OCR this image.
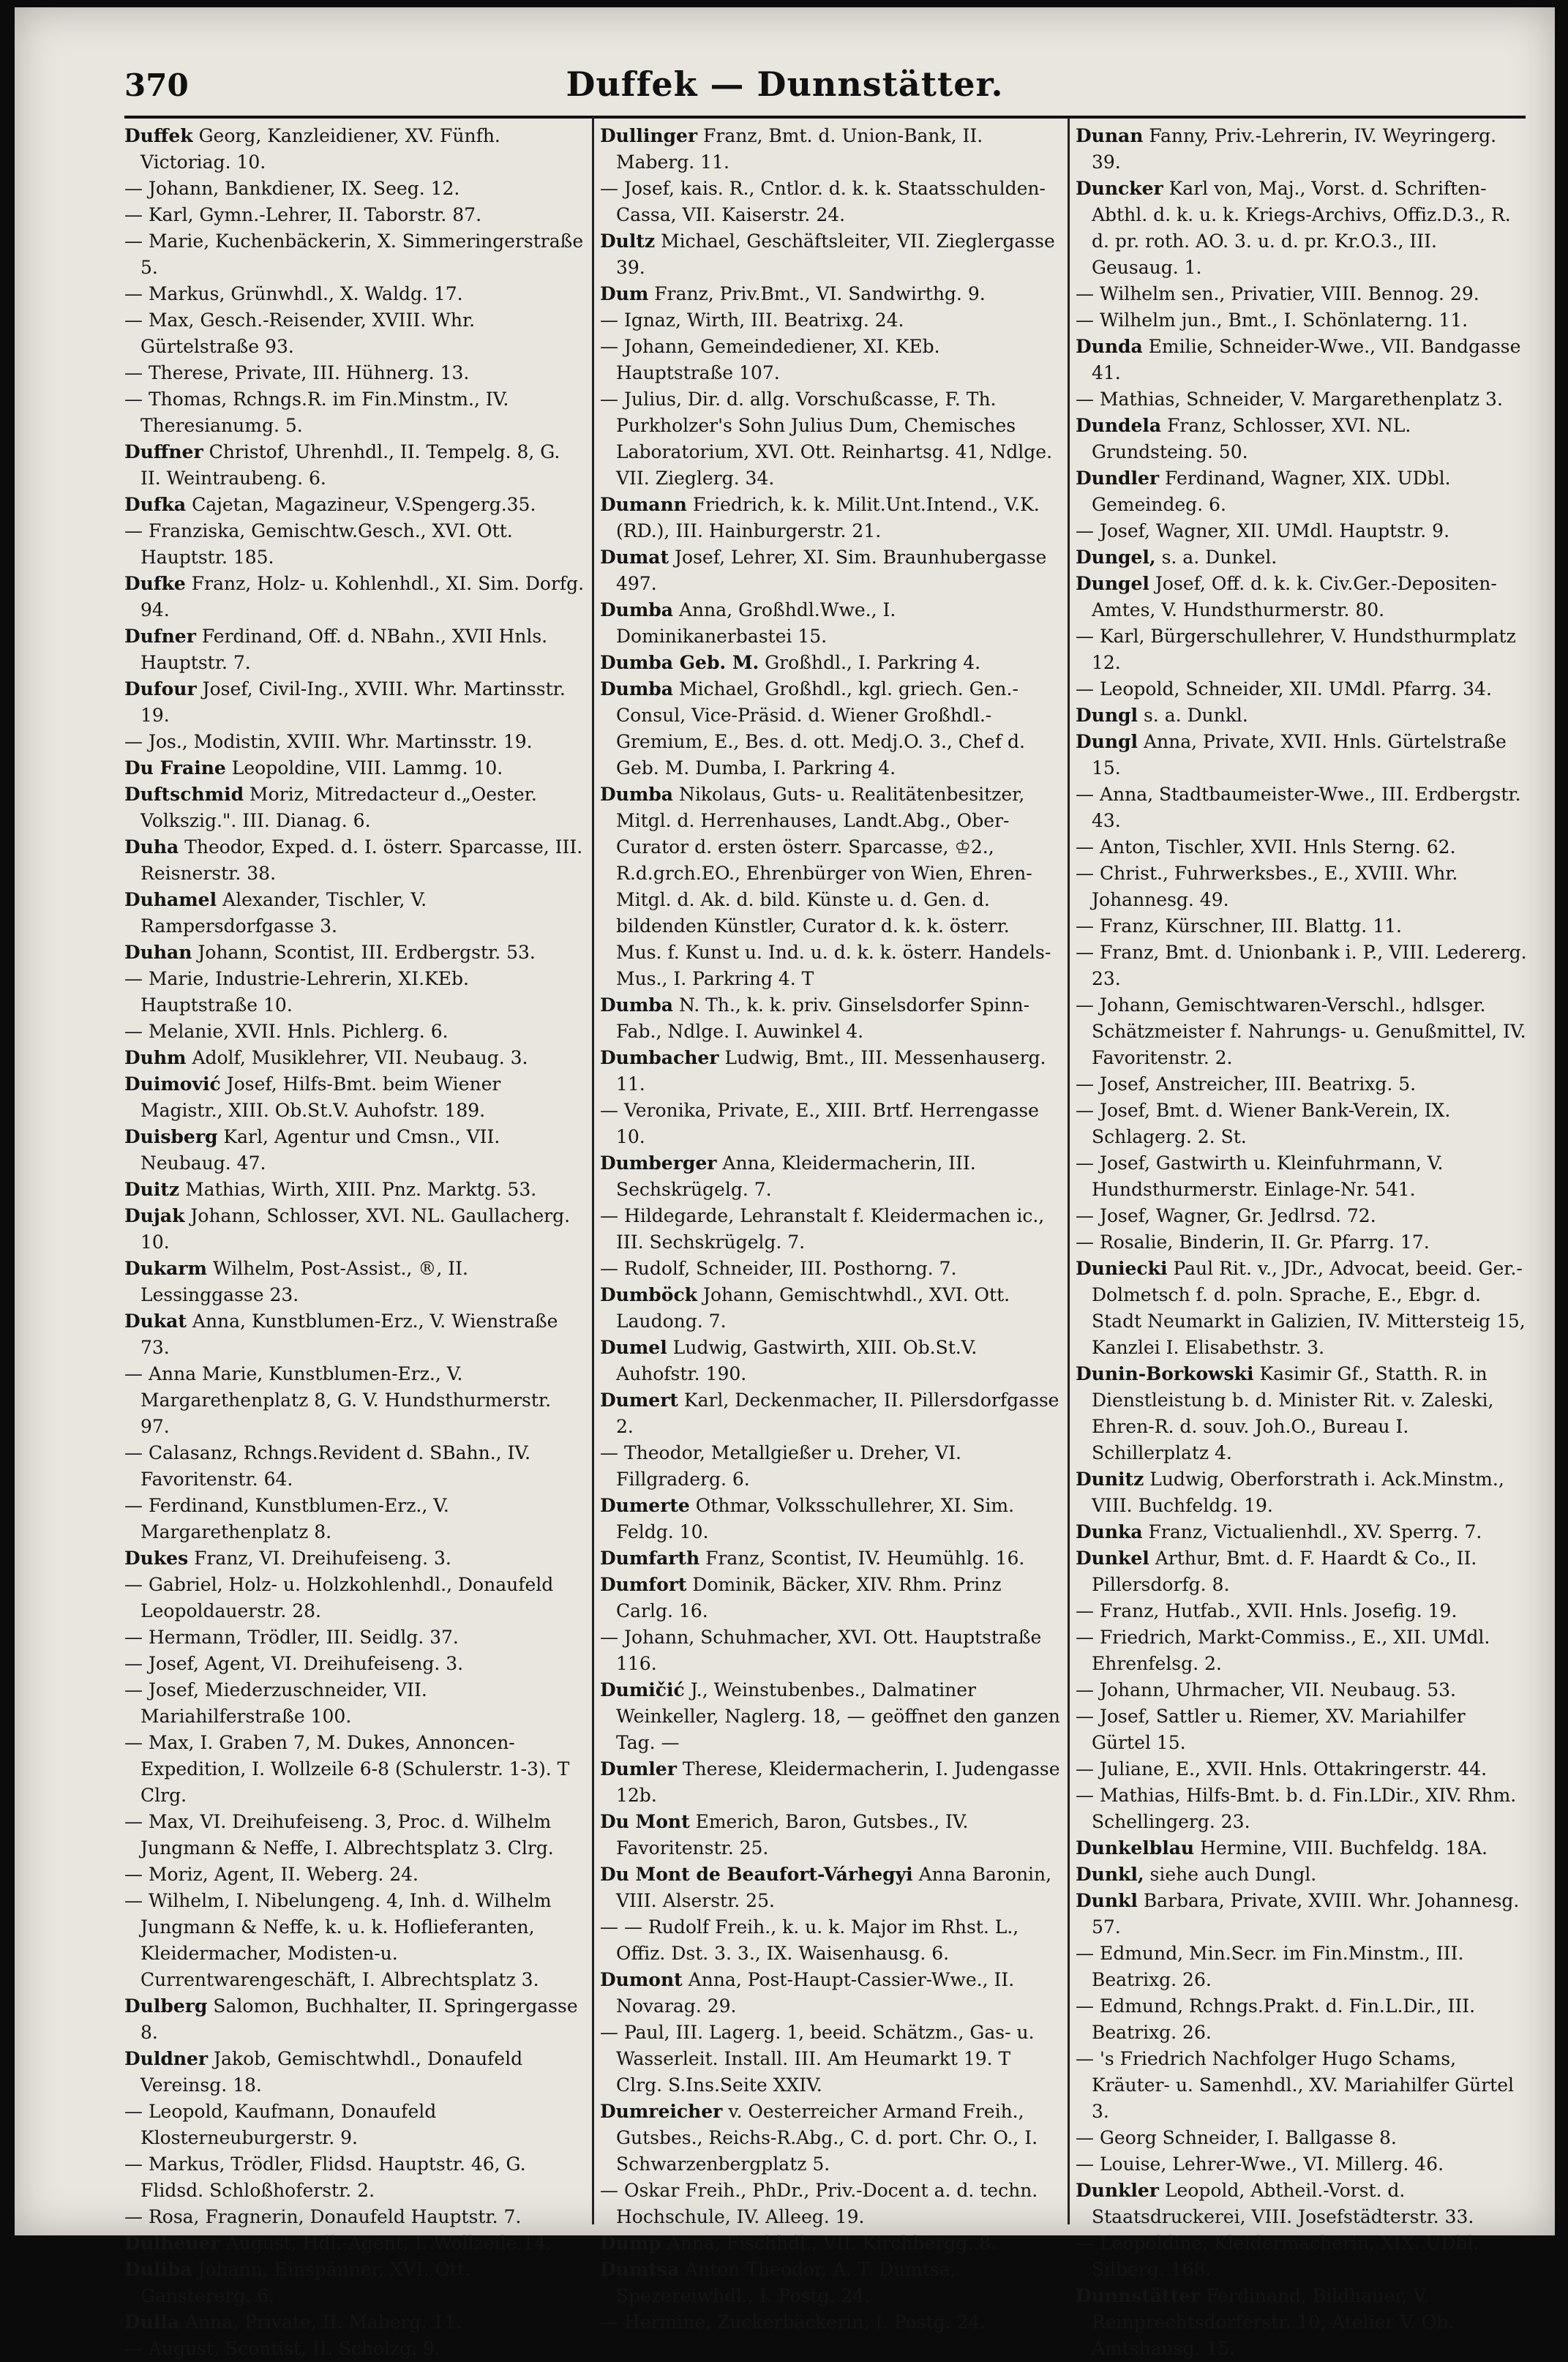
370	Duffek — Dunnstätter.

Duffek Georg, Kanzleidiener, XV. Fünfh. Victoriag. 10.

— Johann, Bankdiener, IX. Seeg. 12.

— Karl, Gymn.-Lehrer, II. Taborstr. 87.

— Marie, Kuchenbäckerin, X. Simmeringerstraße 5.

— Markus, Grünwhdl., X. Waldg. 17.

— Max, Gesch.-Reisender, XVIII. Whr. Gürtelstraße 93.

— Therese, Private, III. Hühnerg. 13.

— Thomas, Rchngs.R. im Fin.Minstm., IV. Theresianumg. 5.

Duffner Christof, Uhrenhdl., II. Tempelg. 8, G. II. Weintraubeng. 6.

Dufka Cajetan, Magazineur, V.Spengerg.35.

— Franziska, Gemischtw.Gesch., XVI. Ott. Hauptstr. 185.

Dufke Franz, Holz- u. Kohlenhdl., XI. Sim. Dorfg. 94.

Dufner Ferdinand, Off. d. NBahn., XVII Hnls. Hauptstr. 7.

Dufour Josef, Civil-Ing., XVIII. Whr. Martinsstr. 19.

— Jos., Modistin, XVIII. Whr. Martinsstr. 19.

Du Fraine Leopoldine, VIII. Lammg. 10.

Duftschmid Moriz, Mitredacteur d.„Oester. Volkszig.". III. Dianag. 6.

Duha Theodor, Exped. d. I. österr. Sparcasse, III. Reisnerstr. 38.

Duhamel Alexander, Tischler, V. Rampersdorfgasse 3.

Duhan Johann, Scontist, III. Erdbergstr. 53.

— Marie, Industrie-Lehrerin, XI.KEb. Hauptstraße 10.

— Melanie, XVII. Hnls. Pichlerg. 6.

Duhm Adolf, Musiklehrer, VII. Neubaug. 3.

Duimović Josef, Hilfs-Bmt. beim Wiener Magistr., XIII. Ob.St.V. Auhofstr. 189.

Duisberg Karl, Agentur und Cmsn., VII. Neubaug. 47.

Duitz Mathias, Wirth, XIII. Pnz. Marktg. 53.

Dujak Johann, Schlosser, XVI. NL. Gaullacherg. 10.

Dukarm Wilhelm, Post-Assist., ®, II. Lessinggasse 23.

Dukat Anna, Kunstblumen-Erz., V. Wienstraße 73.

— Anna Marie, Kunstblumen-Erz., V. Margarethenplatz 8, G. V. Hundsthurmerstr. 97.

— Calasanz, Rchngs.Revident d. SBahn., IV. Favoritenstr. 64.

— Ferdinand, Kunstblumen-Erz., V. Margarethenplatz 8.

Dukes Franz, VI. Dreihufeiseng. 3.

— Gabriel, Holz- u. Holzkohlenhdl., Donaufeld Leopoldauerstr. 28.

— Hermann, Trödler, III. Seidlg. 37.

— Josef, Agent, VI. Dreihufeiseng. 3.

— Josef, Miederzuschneider, VII. Mariahilferstraße 100.

— Max, I. Graben 7, M. Dukes, Annoncen-Expedition, I. Wollzeile 6-8 (Schulerstr. 1-3). T Clrg.

— Max, VI. Dreihufeiseng. 3, Proc. d. Wilhelm Jungmann & Neffe, I. Albrechtsplatz 3. Clrg.

— Moriz, Agent, II. Weberg. 24.

— Wilhelm, I. Nibelungeng. 4, Inh. d. Wilhelm Jungmann & Neffe, k. u. k. Hoflieferanten, Kleidermacher, Modisten-u. Currentwarengeschäft, I. Albrechtsplatz 3.

Dulberg Salomon, Buchhalter, II. Springergasse 8.

Duldner Jakob, Gemischtwhdl., Donaufeld Vereinsg. 18.

— Leopold, Kaufmann, Donaufeld Klosterneuburgerstr. 9.

— Markus, Trödler, Flidsd. Hauptstr. 46, G. Flidsd. Schloßhoferstr. 2.

— Rosa, Fragnerin, Donaufeld Hauptstr. 7.

Dulheuer August, Hdl.-Agent, I. Wollzeile 14.

Duliba Johann, Einspänner, XVI. Ott. Ganstererg. 6.

Dulla Anna, Private, II. Maberg. 11.

— August, Scontist, II. Scholzg. 9.

Dullinger Franz, Bmt. d. Union-Bank, II. Maberg. 11.

— Josef, kais. R., Cntlor. d. k. k. Staatsschulden-Cassa, VII. Kaiserstr. 24.

Dultz Michael, Geschäftsleiter, VII. Zieglergasse 39.

Dum Franz, Priv.Bmt., VI. Sandwirthg. 9.

— Ignaz, Wirth, III. Beatrixg. 24.

— Johann, Gemeindediener, XI. KEb. Hauptstraße 107.

— Julius, Dir. d. allg. Vorschußcasse, F. Th. Purkholzer's Sohn Julius Dum, Chemisches Laboratorium, XVI. Ott. Reinhartsg. 41, Ndlge. VII. Zieglerg. 34.

Dumann Friedrich, k. k. Milit.Unt.Intend., V.K. (RD.), III. Hainburgerstr. 21.

Dumat Josef, Lehrer, XI. Sim. Braunhubergasse 497.

Dumba Anna, Großhdl.Wwe., I. Dominikanerbastei 15.

Dumba Geb. M. Großhdl., I. Parkring 4.

Dumba Michael, Großhdl., kgl. griech. Gen.-Consul, Vice-Präsid. d. Wiener Großhdl.-Gremium, E., Bes. d. ott. Medj.O. 3., Chef d. Geb. M. Dumba, I. Parkring 4.

Dumba Nikolaus, Guts- u. Realitätenbesitzer, Mitgl. d. Herrenhauses, Landt.Abg., Ober-Curator d. ersten österr. Sparcasse, ♔2., R.d.grch.EO., Ehrenbürger von Wien, Ehren-Mitgl. d. Ak. d. bild. Künste u. d. Gen. d. bildenden Künstler, Curator d. k. k. österr. Mus. f. Kunst u. Ind. u. d. k. k. österr. Handels-Mus., I. Parkring 4. T

Dumba N. Th., k. k. priv. Ginselsdorfer Spinn-Fab., Ndlge. I. Auwinkel 4.

Dumbacher Ludwig, Bmt., III. Messenhauserg. 11.

— Veronika, Private, E., XIII. Brtf. Herrengasse 10.

Dumberger Anna, Kleidermacherin, III. Sechskrügelg. 7.

— Hildegarde, Lehranstalt f. Kleidermachen ic., III. Sechskrügelg. 7.

— Rudolf, Schneider, III. Posthorng. 7.

Dumböck Johann, Gemischtwhdl., XVI. Ott. Laudong. 7.

Dumel Ludwig, Gastwirth, XIII. Ob.St.V. Auhofstr. 190.

Dumert Karl, Deckenmacher, II. Pillersdorfgasse 2.

— Theodor, Metallgießer u. Dreher, VI. Fillgraderg. 6.

Dumerte Othmar, Volksschullehrer, XI. Sim. Feldg. 10.

Dumfarth Franz, Scontist, IV. Heumühlg. 16.

Dumfort Dominik, Bäcker, XIV. Rhm. Prinz Carlg. 16.

— Johann, Schuhmacher, XVI. Ott. Hauptstraße 116.

Dumičić J., Weinstubenbes., Dalmatiner Weinkeller, Naglerg. 18, — geöffnet den ganzen Tag. —

Dumler Therese, Kleidermacherin, I. Judengasse 12b.

Du Mont Emerich, Baron, Gutsbes., IV. Favoritenstr. 25.

Du Mont de Beaufort-Várhegyi Anna Baronin, VIII. Alserstr. 25.

— — Rudolf Freih., k. u. k. Major im Rhst. L., Offiz. Dst. 3. 3., IX. Waisenhausg. 6.

Dumont Anna, Post-Haupt-Cassier-Wwe., II. Novarag. 29.

— Paul, III. Lagerg. 1, beeid. Schätzm., Gas- u. Wasserleit. Install. III. Am Heumarkt 19. T Clrg. S.Ins.Seite XXIV.

Dumreicher v. Oesterreicher Armand Freih., Gutsbes., Reichs-R.Abg., C. d. port. Chr. O., I. Schwarzenbergplatz 5.

— Oskar Freih., PhDr., Priv.-Docent a. d. techn. Hochschule, IV. Alleeg. 19.

Dump Anna, Fischhdl., VII. Kirchbergg. 8.

Dumtsa Anton Theodor, A. T. Dumtsa, Spezereiwhdl., I. Postg. 24.

— Hermine, Zuckerbäckerin, I. Postg. 24.

Dunan Fanny, Priv.-Lehrerin, IV. Weyringerg. 39.

Duncker Karl von, Maj., Vorst. d. Schriften-Abthl. d. k. u. k. Kriegs-Archivs, Offiz.D.3., R. d. pr. roth. AO. 3. u. d. pr. Kr.O.3., III. Geusaug. 1.

— Wilhelm sen., Privatier, VIII. Bennog. 29.

— Wilhelm jun., Bmt., I. Schönlaterng. 11.

Dunda Emilie, Schneider-Wwe., VII. Bandgasse 41.

— Mathias, Schneider, V. Margarethenplatz 3.

Dundela Franz, Schlosser, XVI. NL. Grundsteing. 50.

Dundler Ferdinand, Wagner, XIX. UDbl. Gemeindeg. 6.

— Josef, Wagner, XII. UMdl. Hauptstr. 9.

Dungel, s. a. Dunkel.

Dungel Josef, Off. d. k. k. Civ.Ger.-Depositen-Amtes, V. Hundsthurmerstr. 80.

— Karl, Bürgerschullehrer, V. Hundsthurmplatz 12.

— Leopold, Schneider, XII. UMdl. Pfarrg. 34.

Dungl s. a. Dunkl.

Dungl Anna, Private, XVII. Hnls. Gürtelstraße 15.

— Anna, Stadtbaumeister-Wwe., III. Erdbergstr. 43.

— Anton, Tischler, XVII. Hnls Sterng. 62.

— Christ., Fuhrwerksbes., E., XVIII. Whr. Johannesg. 49.

— Franz, Kürschner, III. Blattg. 11.

— Franz, Bmt. d. Unionbank i. P., VIII. Ledererg. 23.

— Johann, Gemischtwaren-Verschl., hdlsger. Schätzmeister f. Nahrungs- u. Genußmittel, IV. Favoritenstr. 2.

— Josef, Anstreicher, III. Beatrixg. 5.

— Josef, Bmt. d. Wiener Bank-Verein, IX. Schlagerg. 2. St.

— Josef, Gastwirth u. Kleinfuhrmann, V. Hundsthurmerstr. Einlage-Nr. 541.

— Josef, Wagner, Gr. Jedlrsd. 72.

— Rosalie, Binderin, II. Gr. Pfarrg. 17.

Duniecki Paul Rit. v., JDr., Advocat, beeid. Ger.-Dolmetsch f. d. poln. Sprache, E., Ebgr. d. Stadt Neumarkt in Galizien, IV. Mittersteig 15, Kanzlei I. Elisabethstr. 3.

Dunin-Borkowski Kasimir Gf., Statth. R. in Dienstleistung b. d. Minister Rit. v. Zaleski, Ehren-R. d. souv. Joh.O., Bureau I. Schillerplatz 4.

Dunitz Ludwig, Oberforstrath i. Ack.Minstm., VIII. Buchfeldg. 19.

Dunka Franz, Victualienhdl., XV. Sperrg. 7.

Dunkel Arthur, Bmt. d. F. Haardt & Co., II. Pillersdorfg. 8.

— Franz, Hutfab., XVII. Hnls. Josefig. 19.

— Friedrich, Markt-Commiss., E., XII. UMdl. Ehrenfelsg. 2.

— Johann, Uhrmacher, VII. Neubaug. 53.

— Josef, Sattler u. Riemer, XV. Mariahilfer Gürtel 15.

— Juliane, E., XVII. Hnls. Ottakringerstr. 44.

— Mathias, Hilfs-Bmt. b. d. Fin.LDir., XIV. Rhm. Schellingerg. 23.

Dunkelblau Hermine, VIII. Buchfeldg. 18A.

Dunkl, siehe auch Dungl.

Dunkl Barbara, Private, XVIII. Whr. Johannesg. 57.

— Edmund, Min.Secr. im Fin.Minstm., III. Beatrixg. 26.

— Edmund, Rchngs.Prakt. d. Fin.L.Dir., III. Beatrixg. 26.

— 's Friedrich Nachfolger Hugo Schams, Kräuter- u. Samenhdl., XV. Mariahilfer Gürtel 3.

— Georg Schneider, I. Ballgasse 8.

— Louise, Lehrer-Wwe., VI. Millerg. 46.

Dunkler Leopold, Abtheil.-Vorst. d. Staatsdruckerei, VIII. Josefstädterstr. 33.

— Leopoldine, Kleidermacherin, XIX. UDbl. Silberg. 168.

Dunnstätter Ferdinand, Bildhauer, V. Reinprechtsdorferstr. 10, Atelier V. Ob. Amtshausg. 15.
